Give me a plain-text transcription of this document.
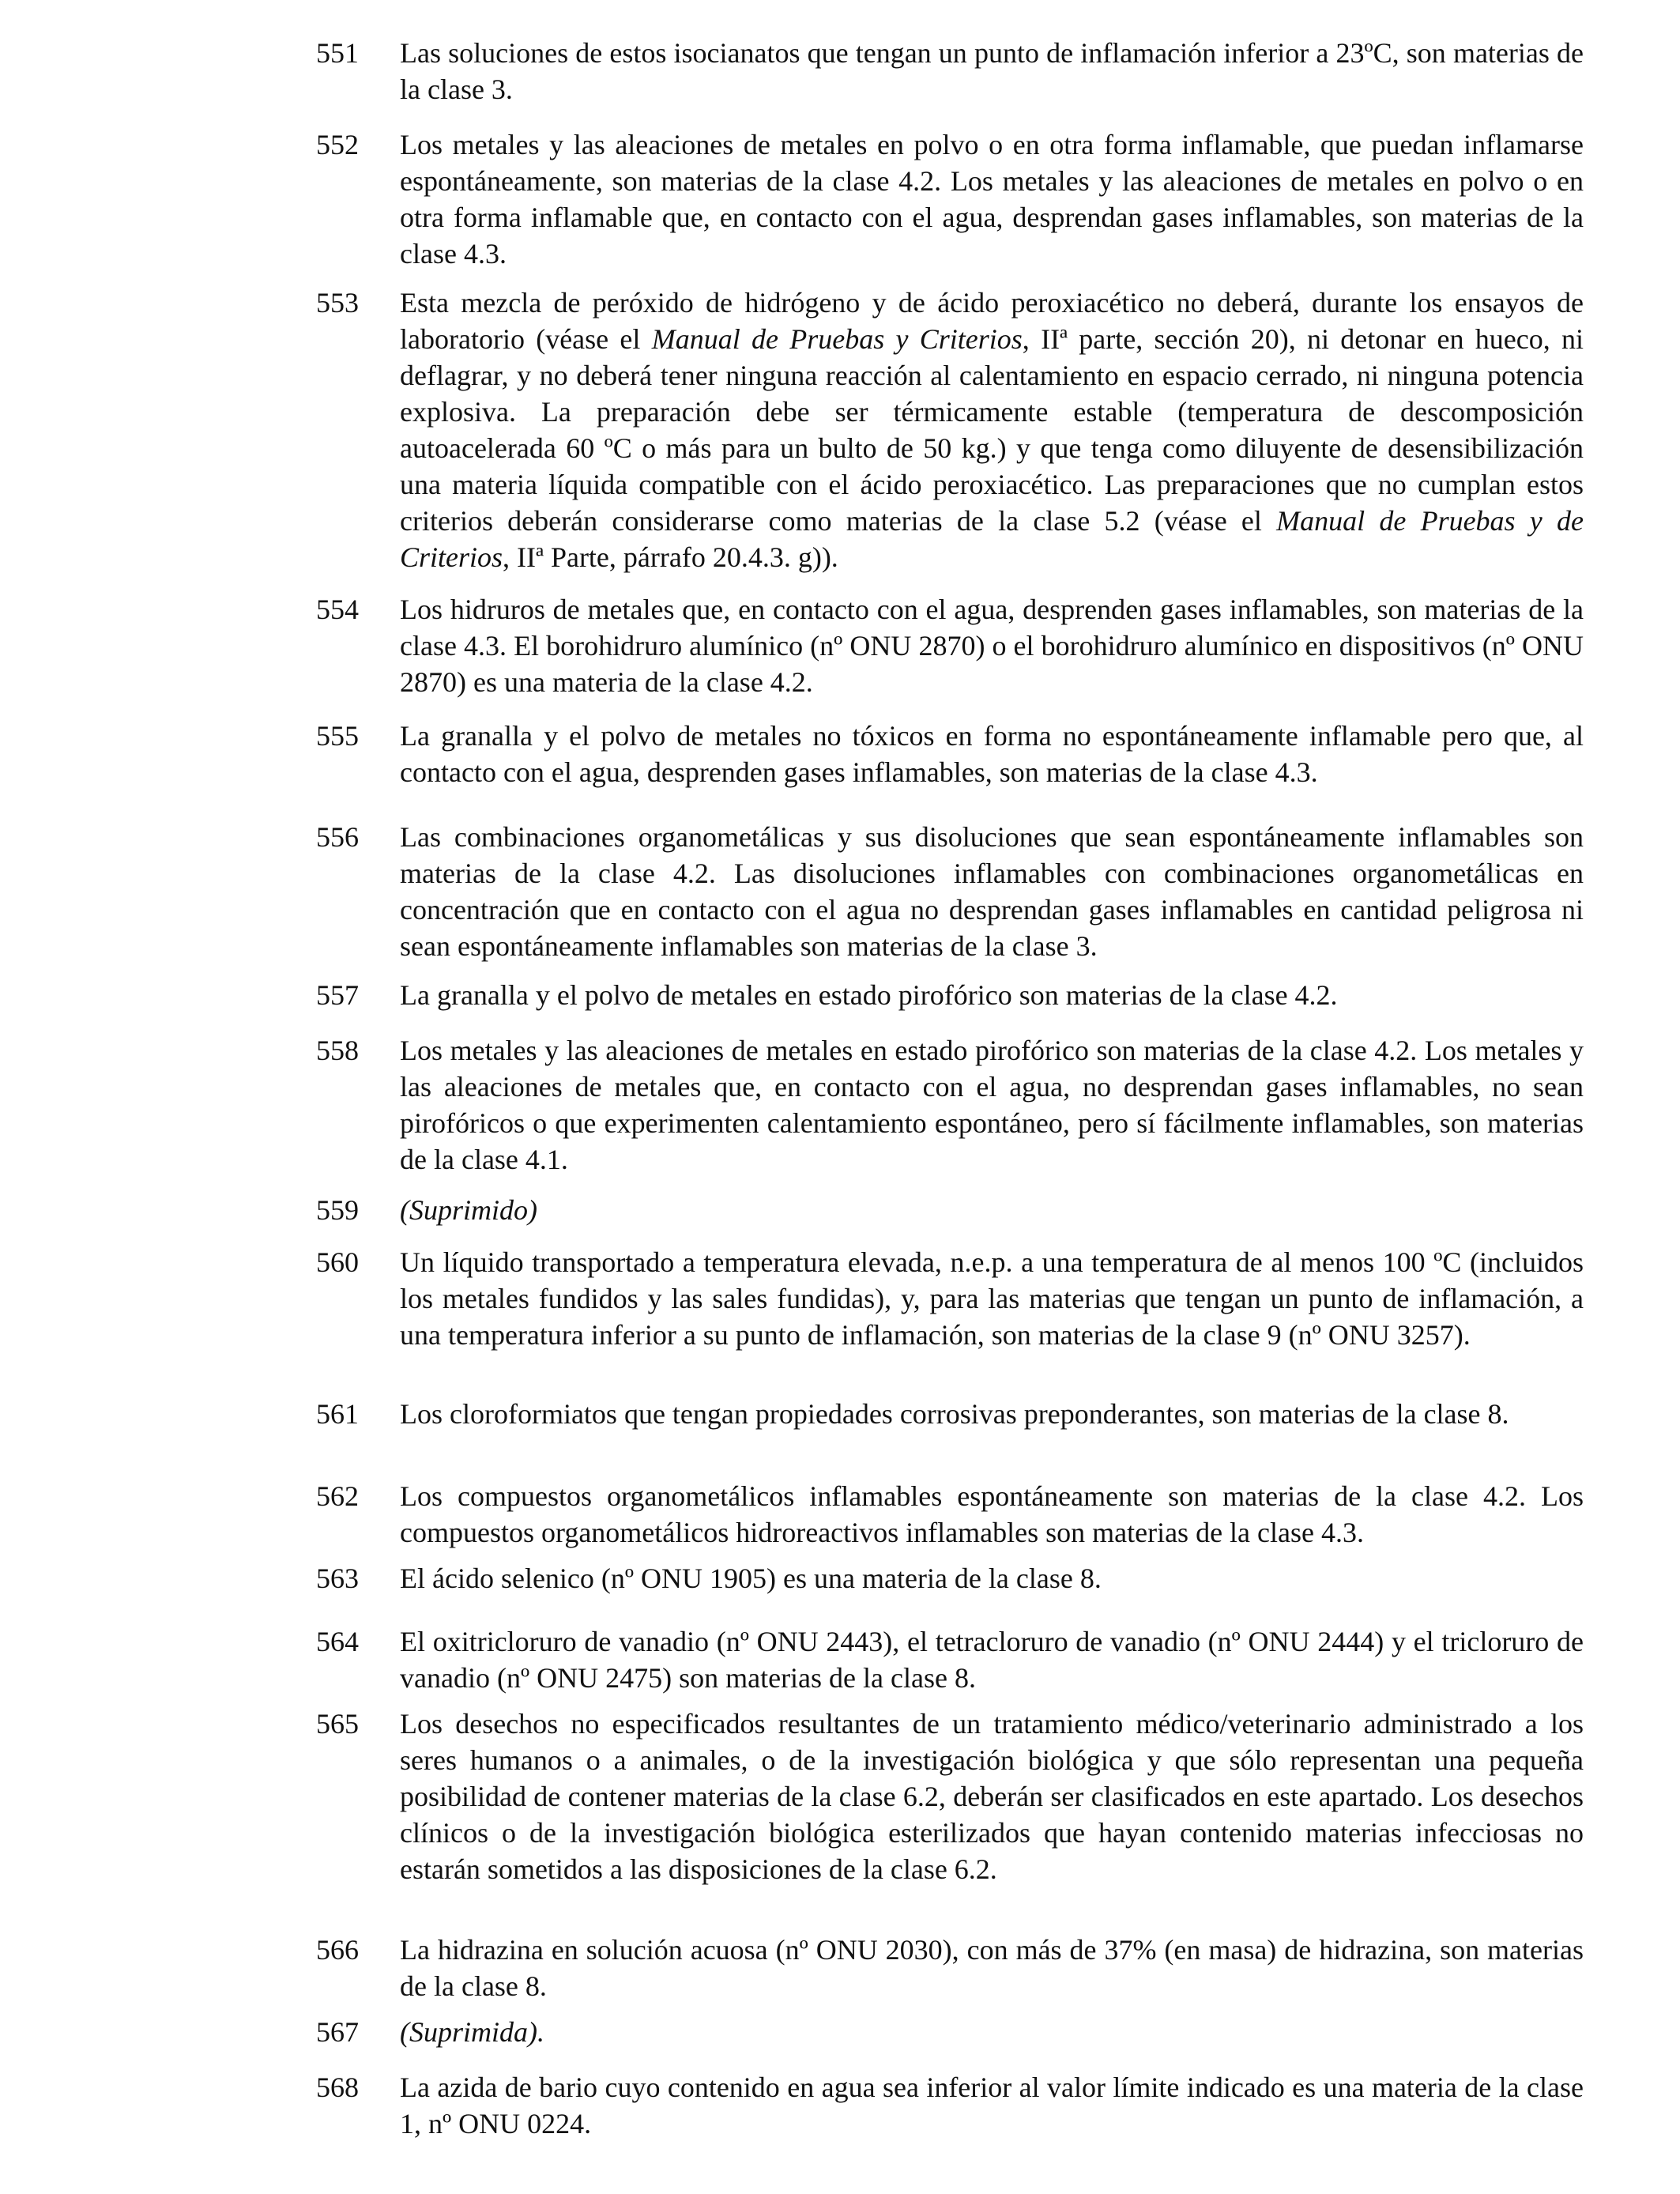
551	Las soluciones de estos isocianatos que tengan un punto de inflamación inferior a 23ºC, son materias de la clase 3.
552	Los metales y las aleaciones de metales en polvo o en otra forma inflamable, que puedan inflamarse espontáneamente, son materias de la clase 4.2. Los metales y las aleaciones de metales en polvo o en otra forma inflamable que, en contacto con el agua, desprendan gases inflamables, son materias de la clase 4.3.
553	Esta mezcla de peróxido de hidrógeno y de ácido peroxiacético no deberá, durante los ensayos de laboratorio (véase el Manual de Pruebas y Criterios, IIª parte, sección 20), ni detonar en hueco, ni deflagrar, y no deberá tener ninguna reacción al calentamiento en espacio cerrado, ni ninguna potencia explosiva. La preparación debe ser térmicamente estable (temperatura de descomposición autoacelerada 60 ºC o más para un bulto de 50 kg.) y que tenga como diluyente de desensibilización una materia líquida compatible con el ácido peroxiacético. Las preparaciones que no cumplan estos criterios deberán considerarse como materias de la clase 5.2 (véase el Manual de Pruebas y de Criterios, IIª Parte, párrafo 20.4.3. g)).
554	Los hidruros de metales que, en contacto con el agua, desprenden gases inflamables, son materias de la clase 4.3. El borohidruro alumínico (nº ONU 2870) o el borohidruro alumínico en dispositivos (nº ONU 2870) es una materia de la clase 4.2.
555	La granalla y el polvo de metales no tóxicos en forma no espontáneamente inflamable pero que, al contacto con el agua, desprenden gases inflamables, son materias de la clase 4.3.
556	Las combinaciones organometálicas y sus disoluciones que sean espontáneamente inflamables son materias de la clase 4.2. Las disoluciones inflamables con combinaciones organometálicas en concentración que en contacto con el agua no desprendan gases inflamables en cantidad peligrosa ni sean espontáneamente inflamables son materias de la clase 3.
557	La granalla y el polvo de metales en estado pirofórico son materias de la clase 4.2.
558	Los metales y las aleaciones de metales en estado pirofórico son materias de la clase 4.2. Los metales y las aleaciones de metales que, en contacto con el agua, no desprendan gases inflamables, no sean pirofóricos o que experimenten calentamiento espontáneo, pero sí fácilmente inflamables, son materias de la clase 4.1.
559	(Suprimido)
560	Un líquido transportado a temperatura elevada, n.e.p. a una temperatura de al menos 100 ºC (incluidos los metales fundidos y las sales fundidas), y, para las materias que tengan un punto de inflamación, a una temperatura inferior a su punto de inflamación, son materias de la clase 9 (nº ONU 3257).
561	Los cloroformiatos que tengan propiedades corrosivas preponderantes, son materias de la clase 8.
562	Los compuestos organometálicos inflamables espontáneamente son materias de la clase 4.2. Los compuestos organometálicos hidroreactivos inflamables son materias de la clase 4.3.
563	El ácido selenico (nº ONU 1905) es una materia de la clase 8.
564	El oxitricloruro de vanadio (nº ONU 2443), el tetracloruro de vanadio (nº ONU 2444) y el tricloruro de vanadio (nº ONU 2475) son materias de la clase 8.
565	Los desechos no especificados resultantes de un tratamiento médico/veterinario administrado a los seres humanos o a animales, o de la investigación biológica y que sólo representan una pequeña posibilidad de contener materias de la clase 6.2, deberán ser clasificados en este apartado. Los desechos clínicos o de la investigación biológica esterilizados que hayan contenido materias infecciosas no estarán sometidos a las disposiciones de la clase 6.2.
566	La hidrazina en solución acuosa (nº ONU 2030), con más de 37% (en masa) de hidrazina, son materias de la clase 8.
567	(Suprimida).
568	La azida de bario cuyo contenido en agua sea inferior al valor límite indicado es una materia de la clase 1, nº ONU 0224.
